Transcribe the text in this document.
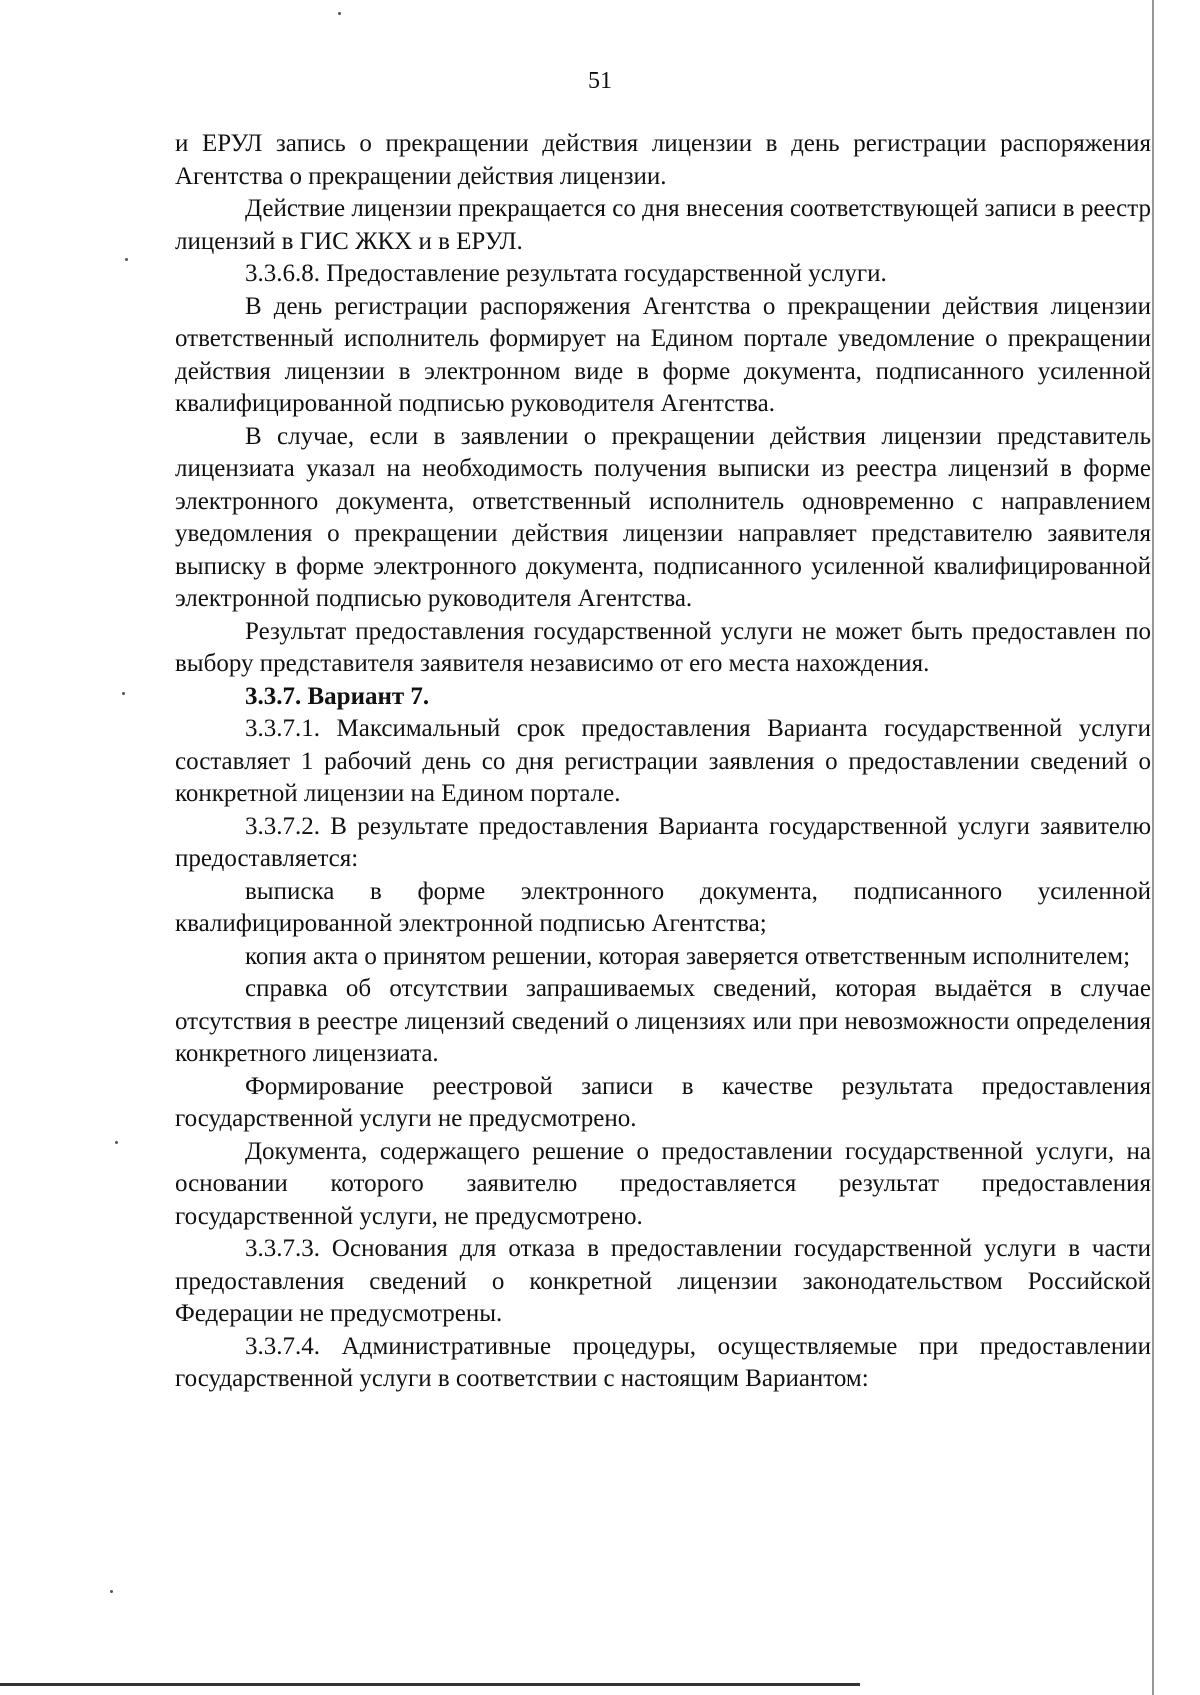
51

и ЕРУЛ запись о прекращении действия лицензии в день регистрации распоряжения Агентства о прекращении действия лицензии.

Действие лицензии прекращается со дня внесения соответствующей записи в реестр лицензий в ГИС ЖКХ и в ЕРУЛ.

3.3.6.8. Предоставление результата государственной услуги.

В день регистрации распоряжения Агентства о прекращении действия лицензии ответственный исполнитель формирует на Едином портале уведомление о прекращении действия лицензии в электронном виде в форме документа, подписанного усиленной квалифицированной подписью руководителя Агентства.

В случае, если в заявлении о прекращении действия лицензии представитель лицензиата указал на необходимость получения выписки из реестра лицензий в форме электронного документа, ответственный исполнитель одновременно с направлением уведомления о прекращении действия лицензии направляет представителю заявителя выписку в форме электронного документа, подписанного усиленной квалифицированной электронной подписью руководителя Агентства.

Результат предоставления государственной услуги не может быть предоставлен по выбору представителя заявителя независимо от его места нахождения.

3.3.7. Вариант 7.

3.3.7.1. Максимальный срок предоставления Варианта государственной услуги составляет 1 рабочий день со дня регистрации заявления о предоставлении сведений о конкретной лицензии на Едином портале.

3.3.7.2. В результате предоставления Варианта государственной услуги заявителю предоставляется:

выписка в форме электронного документа, подписанного усиленной квалифицированной электронной подписью Агентства;

копия акта о принятом решении, которая заверяется ответственным исполнителем;

справка об отсутствии запрашиваемых сведений, которая выдаётся в случае отсутствия в реестре лицензий сведений о лицензиях или при невозможности определения конкретного лицензиата.

Формирование реестровой записи в качестве результата предоставления государственной услуги не предусмотрено.

Документа, содержащего решение о предоставлении государственной услуги, на основании которого заявителю предоставляется результат предоставления государственной услуги, не предусмотрено.

3.3.7.3. Основания для отказа в предоставлении государственной услуги в части предоставления сведений о конкретной лицензии законодательством Российской Федерации не предусмотрены.

3.3.7.4. Административные процедуры, осуществляемые при предоставлении государственной услуги в соответствии с настоящим Вариантом:
